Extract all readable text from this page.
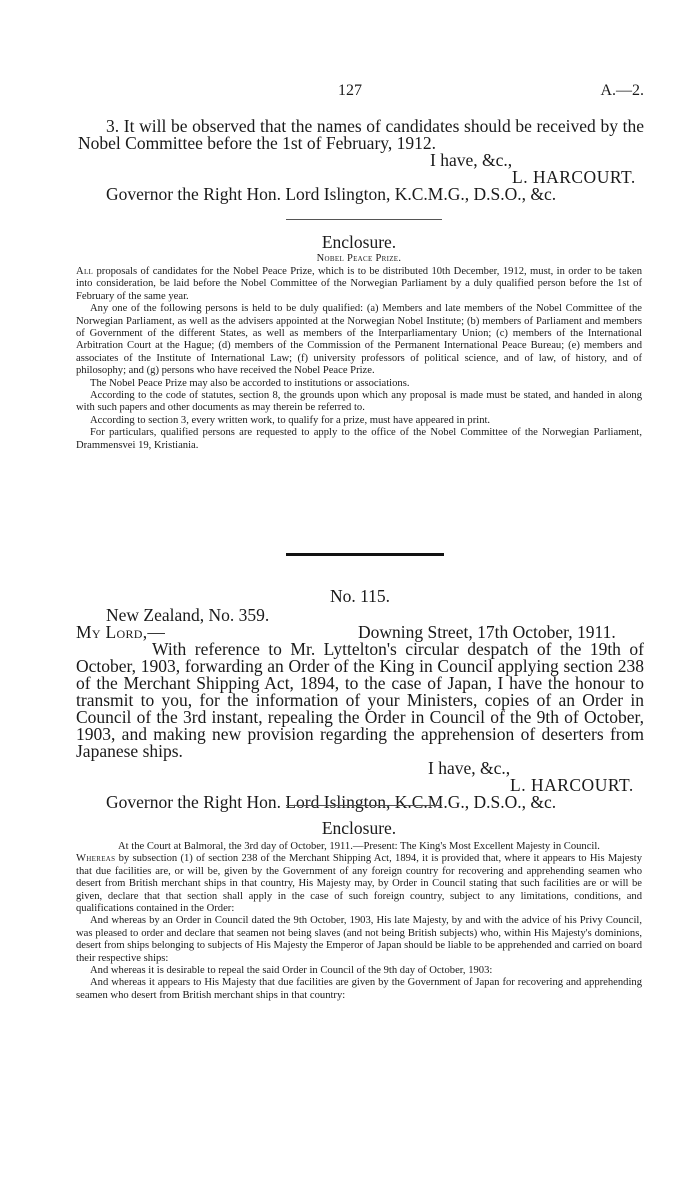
127	A.—2.

3. It will be observed that the names of candidates should be received by the Nobel Committee before the 1st of February, 1912.

I have, &c.,

L. HARCOURT.

Governor the Right Hon. Lord Islington, K.C.M.G., D.S.O., &c.

Enclosure.

Nobel Peace Prize.

All proposals of candidates for the Nobel Peace Prize, which is to be distributed 10th December, 1912, must, in order to be taken into consideration, be laid before the Nobel Committee of the Norwegian Parliament by a duly qualified person before the 1st of February of the same year.

Any one of the following persons is held to be duly qualified: (a) Members and late members of the Nobel Committee of the Norwegian Parliament, as well as the advisers appointed at the Norwegian Nobel Institute; (b) members of Parliament and members of Government of the different States, as well as members of the Interparliamentary Union; (c) members of the International Arbitration Court at the Hague; (d) members of the Commission of the Permanent International Peace Bureau; (e) members and associates of the Institute of International Law; (f) university professors of political science, and of law, of history, and of philosophy; and (g) persons who have received the Nobel Peace Prize.

The Nobel Peace Prize may also be accorded to institutions or associations.

According to the code of statutes, section 8, the grounds upon which any proposal is made must be stated, and handed in along with such papers and other documents as may therein be referred to.

According to section 3, every written work, to qualify for a prize, must have appeared in print.

For particulars, qualified persons are requested to apply to the office of the Nobel Committee of the Norwegian Parliament, Drammensvei 19, Kristiania.

No. 115.

New Zealand, No. 359.

My Lord,—	Downing Street, 17th October, 1911.

With reference to Mr. Lyttelton's circular despatch of the 19th of October, 1903, forwarding an Order of the King in Council applying section 238 of the Merchant Shipping Act, 1894, to the case of Japan, I have the honour to transmit to you, for the information of your Ministers, copies of an Order in Council of the 3rd instant, repealing the Order in Council of the 9th of October, 1903, and making new provision regarding the apprehension of deserters from Japanese ships.

I have, &c.,

L. HARCOURT.

Governor the Right Hon. Lord Islington, K.C.M.G., D.S.O., &c.

Enclosure.

At the Court at Balmoral, the 3rd day of October, 1911.—Present: The King's Most Excellent Majesty in Council.

Whereas by subsection (1) of section 238 of the Merchant Shipping Act, 1894, it is provided that, where it appears to His Majesty that due facilities are, or will be, given by the Government of any foreign country for recovering and apprehending seamen who desert from British merchant ships in that country, His Majesty may, by Order in Council stating that such facilities are or will be given, declare that that section shall apply in the case of such foreign country, subject to any limitations, conditions, and qualifications contained in the Order:

And whereas by an Order in Council dated the 9th October, 1903, His late Majesty, by and with the advice of his Privy Council, was pleased to order and declare that seamen not being slaves (and not being British subjects) who, within His Majesty's dominions, desert from ships belonging to subjects of His Majesty the Emperor of Japan should be liable to be apprehended and carried on board their respective ships:

And whereas it is desirable to repeal the said Order in Council of the 9th day of October, 1903:

And whereas it appears to His Majesty that due facilities are given by the Government of Japan for recovering and apprehending seamen who desert from British merchant ships in that country:
